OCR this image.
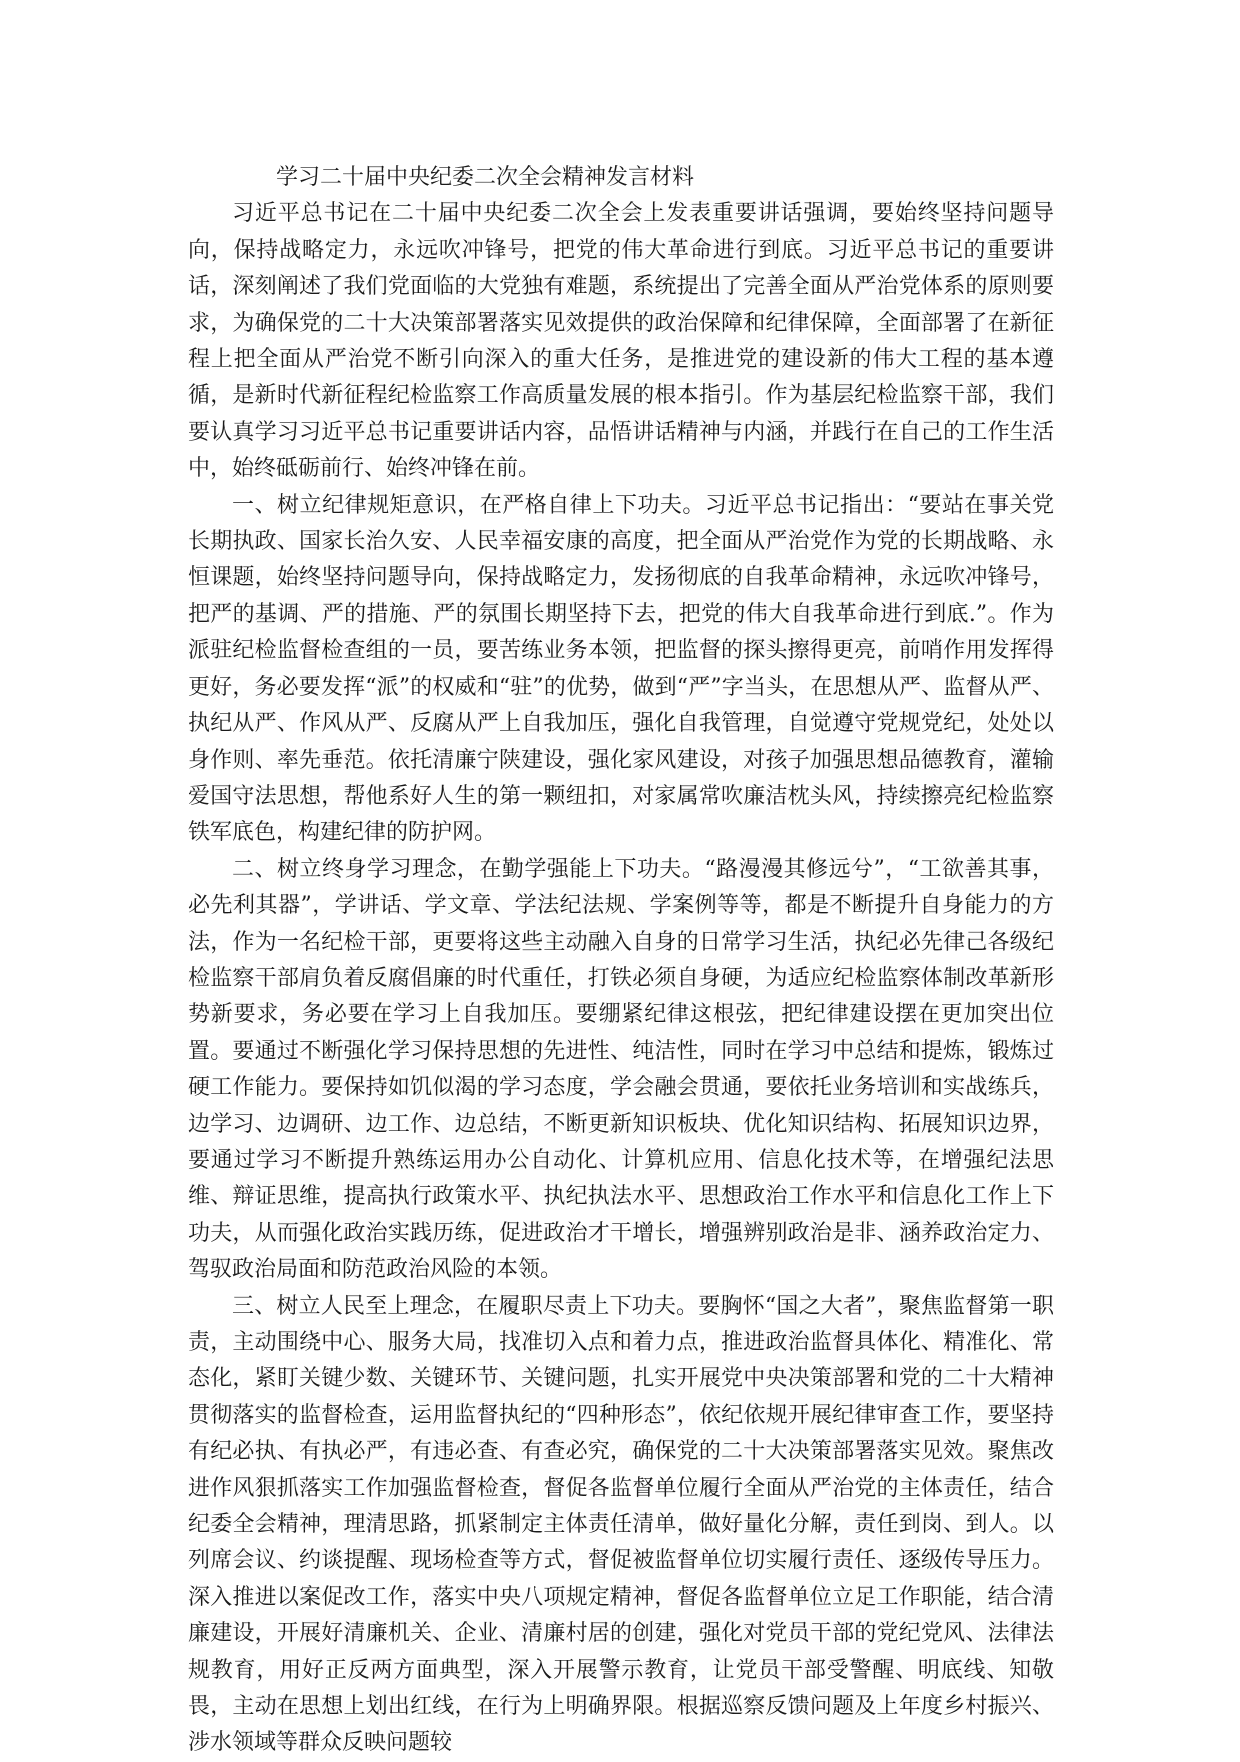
学习二十届中央纪委二次全会精神发言材料

习近平总书记在二十届中央纪委二次全会上发表重要讲话强调，要始终坚持问题导向，保持战略定力，永远吹冲锋号，把党的伟大革命进行到底。习近平总书记的重要讲话，深刻阐述了我们党面临的大党独有难题，系统提出了完善全面从严治党体系的原则要求，为确保党的二十大决策部署落实见效提供的政治保障和纪律保障，全面部署了在新征程上把全面从严治党不断引向深入的重大任务，是推进党的建设新的伟大工程的基本遵循，是新时代新征程纪检监察工作高质量发展的根本指引。作为基层纪检监察干部，我们要认真学习习近平总书记重要讲话内容，品悟讲话精神与内涵，并践行在自己的工作生活中，始终砥砺前行、始终冲锋在前。

一、树立纪律规矩意识，在严格自律上下功夫。习近平总书记指出：“要站在事关党长期执政、国家长治久安、人民幸福安康的高度，把全面从严治党作为党的长期战略、永恒课题，始终坚持问题导向，保持战略定力，发扬彻底的自我革命精神，永远吹冲锋号，把严的基调、严的措施、严的氛围长期坚持下去，把党的伟大自我革命进行到底.”。作为派驻纪检监督检查组的一员，要苦练业务本领，把监督的探头擦得更亮，前哨作用发挥得更好，务必要发挥“派”的权威和“驻”的优势，做到“严”字当头，在思想从严、监督从严、执纪从严、作风从严、反腐从严上自我加压，强化自我管理，自觉遵守党规党纪，处处以身作则、率先垂范。依托清廉宁陕建设，强化家风建设，对孩子加强思想品德教育，灌输爱国守法思想，帮他系好人生的第一颗纽扣，对家属常吹廉洁枕头风，持续擦亮纪检监察铁军底色，构建纪律的防护网。

二、树立终身学习理念，在勤学强能上下功夫。“路漫漫其修远兮”，“工欲善其事，必先利其器”，学讲话、学文章、学法纪法规、学案例等等，都是不断提升自身能力的方法，作为一名纪检干部，更要将这些主动融入自身的日常学习生活，执纪必先律己各级纪检监察干部肩负着反腐倡廉的时代重任，打铁必须自身硬，为适应纪检监察体制改革新形势新要求，务必要在学习上自我加压。要绷紧纪律这根弦，把纪律建设摆在更加突出位置。要通过不断强化学习保持思想的先进性、纯洁性，同时在学习中总结和提炼，锻炼过硬工作能力。要保持如饥似渴的学习态度，学会融会贯通，要依托业务培训和实战练兵，边学习、边调研、边工作、边总结，不断更新知识板块、优化知识结构、拓展知识边界，要通过学习不断提升熟练运用办公自动化、计算机应用、信息化技术等，在增强纪法思维、辩证思维，提高执行政策水平、执纪执法水平、思想政治工作水平和信息化工作上下功夫，从而强化政治实践历练，促进政治才干增长，增强辨别政治是非、涵养政治定力、驾驭政治局面和防范政治风险的本领。

三、树立人民至上理念，在履职尽责上下功夫。要胸怀“国之大者”，聚焦监督第一职责，主动围绕中心、服务大局，找准切入点和着力点，推进政治监督具体化、精准化、常态化，紧盯关键少数、关键环节、关键问题，扎实开展党中央决策部署和党的二十大精神贯彻落实的监督检查，运用监督执纪的“四种形态”，依纪依规开展纪律审查工作，要坚持有纪必执、有执必严，有违必查、有查必究，确保党的二十大决策部署落实见效。聚焦改进作风狠抓落实工作加强监督检查，督促各监督单位履行全面从严治党的主体责任，结合纪委全会精神，理清思路，抓紧制定主体责任清单，做好量化分解，责任到岗、到人。以列席会议、约谈提醒、现场检查等方式，督促被监督单位切实履行责任、逐级传导压力。深入推进以案促改工作，落实中央八项规定精神，督促各监督单位立足工作职能，结合清廉建设，开展好清廉机关、企业、清廉村居的创建，强化对党员干部的党纪党风、法律法规教育，用好正反两方面典型，深入开展警示教育，让党员干部受警醒、明底线、知敬畏，主动在思想上划出红线，在行为上明确界限。根据巡察反馈问题及上年度乡村振兴、涉水领域等群众反映问题较
